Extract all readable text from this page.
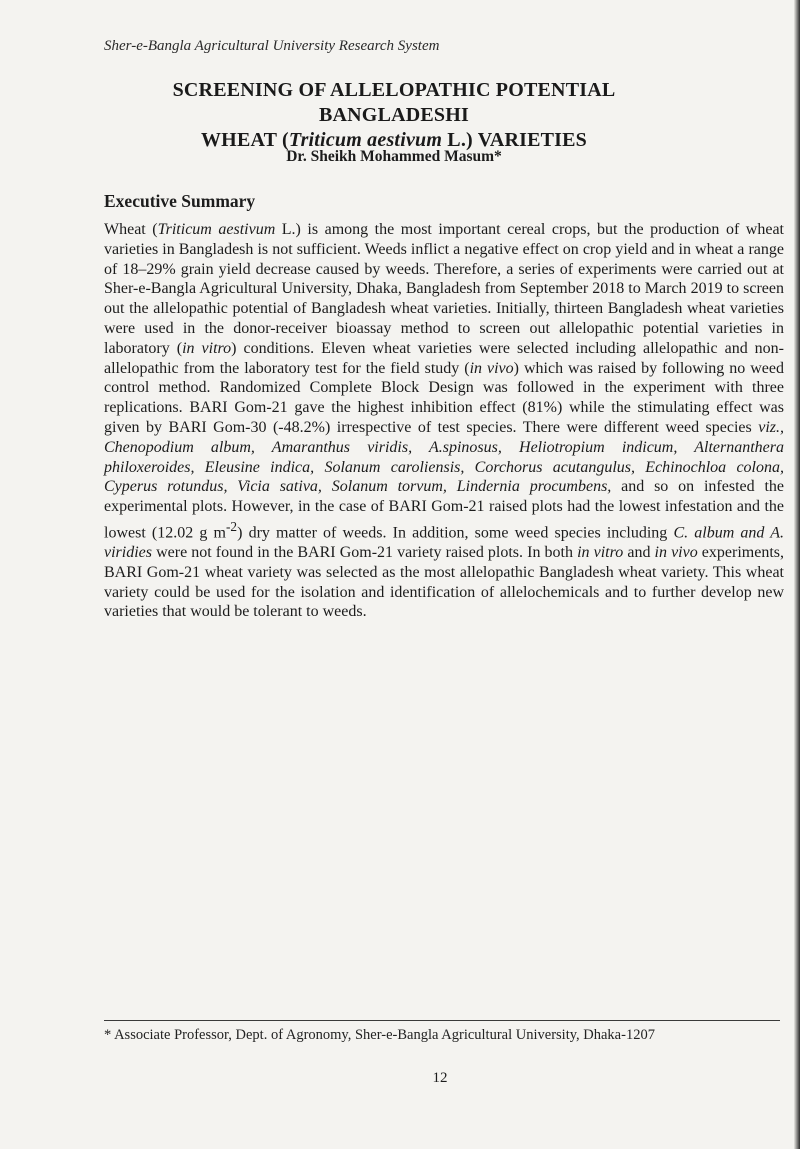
Sher-e-Bangla Agricultural University Research System
SCREENING OF ALLELOPATHIC POTENTIAL BANGLADESHI
WHEAT (Triticum aestivum L.) VARIETIES
Dr. Sheikh Mohammed Masum*
Executive Summary
Wheat (Triticum aestivum L.) is among the most important cereal crops, but the production of wheat varieties in Bangladesh is not sufficient. Weeds inflict a negative effect on crop yield and in wheat a range of 18–29% grain yield decrease caused by weeds. Therefore, a series of experiments were carried out at Sher-e-Bangla Agricultural University, Dhaka, Bangladesh from September 2018 to March 2019 to screen out the allelopathic potential of Bangladesh wheat varieties. Initially, thirteen Bangladesh wheat varieties were used in the donor-receiver bioassay method to screen out allelopathic potential varieties in laboratory (in vitro) conditions. Eleven wheat varieties were selected including allelopathic and non-allelopathic from the laboratory test for the field study (in vivo) which was raised by following no weed control method. Randomized Complete Block Design was followed in the experiment with three replications. BARI Gom-21 gave the highest inhibition effect (81%) while the stimulating effect was given by BARI Gom-30 (-48.2%) irrespective of test species. There were different weed species viz., Chenopodium album, Amaranthus viridis, A.spinosus, Heliotropium indicum, Alternanthera philoxeroides, Eleusine indica, Solanum caroliensis, Corchorus acutangulus, Echinochloa colona, Cyperus rotundus, Vicia sativa, Solanum torvum, Lindernia procumbens, and so on infested the experimental plots. However, in the case of BARI Gom-21 raised plots had the lowest infestation and the lowest (12.02 g $m^{-2}$) dry matter of weeds. In addition, some weed species including C. album and A. viridies were not found in the BARI Gom-21 variety raised plots. In both in vitro and in vivo experiments, BARI Gom-21 wheat variety was selected as the most allelopathic Bangladesh wheat variety. This wheat variety could be used for the isolation and identification of allelochemicals and to further develop new varieties that would be tolerant to weeds.
* Associate Professor, Dept. of Agronomy, Sher-e-Bangla Agricultural University, Dhaka-1207
12
